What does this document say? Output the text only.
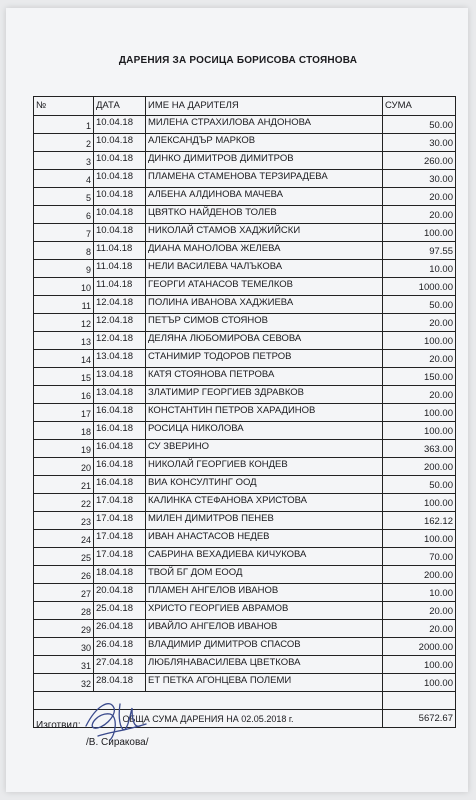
ДАРЕНИЯ ЗА РОСИЦА БОРИСОВА СТОЯНОВА
№	ДАТА	ИМЕ НА ДАРИТЕЛЯ	СУМА
1	10.04.18	МИЛЕНА СТРАХИЛОВА АНДОНОВА	50.00
2	10.04.18	АЛЕКСАНДЪР МАРКОВ	30.00
3	10.04.18	ДИНКО ДИМИТРОВ ДИМИТРОВ	260.00
4	10.04.18	ПЛАМЕНА СТАМЕНОВА ТЕРЗИРАДЕВА	30.00
5	10.04.18	АЛБЕНА АЛДИНОВА МАЧЕВА	20.00
6	10.04.18	ЦВЯТКО НАЙДЕНОВ ТОЛЕВ	20.00
7	10.04.18	НИКОЛАЙ СТАМОВ ХАДЖИЙСКИ	100.00
8	11.04.18	ДИАНА МАНОЛОВА ЖЕЛЕВА	97.55
9	11.04.18	НЕЛИ ВАСИЛЕВА ЧАЛЪКОВА	10.00
10	11.04.18	ГЕОРГИ АТАНАСОВ ТЕМЕЛКОВ	1000.00
11	12.04.18	ПОЛИНА ИВАНОВА ХАДЖИЕВА	50.00
12	12.04.18	ПЕТЪР СИМОВ СТОЯНОВ	20.00
13	12.04.18	ДЕЛЯНА ЛЮБОМИРОВА СЕВОВА	100.00
14	13.04.18	СТАНИМИР ТОДОРОВ ПЕТРОВ	20.00
15	13.04.18	КАТЯ СТОЯНОВА ПЕТРОВА	150.00
16	13.04.18	ЗЛАТИМИР ГЕОРГИЕВ ЗДРАВКОВ	20.00
17	16.04.18	КОНСТАНТИН ПЕТРОВ ХАРАДИНОВ	100.00
18	16.04.18	РОСИЦА НИКОЛОВА	100.00
19	16.04.18	СУ ЗВЕРИНО	363.00
20	16.04.18	НИКОЛАЙ ГЕОРГИЕВ КОНДЕВ	200.00
21	16.04.18	ВИА КОНСУЛТИНГ ООД	50.00
22	17.04.18	КАЛИНКА СТЕФАНОВА ХРИСТОВА	100.00
23	17.04.18	МИЛЕН ДИМИТРОВ ПЕНЕВ	162.12
24	17.04.18	ИВАН АНАСТАСОВ НЕДЕВ	100.00
25	17.04.18	САБРИНА ВЕХАДИЕВА КИЧУКОВА	70.00
26	18.04.18	ТВОЙ БГ ДОМ ЕООД	200.00
27	20.04.18	ПЛАМЕН АНГЕЛОВ ИВАНОВ	10.00
28	25.04.18	ХРИСТО ГЕОРГИЕВ АВРАМОВ	20.00
29	26.04.18	ИВАЙЛО АНГЕЛОВ ИВАНОВ	20.00
30	26.04.18	ВЛАДИМИР ДИМИТРОВ СПАСОВ	2000.00
31	27.04.18	ЛЮБЛЯНАВАСИЛЕВА ЦВЕТКОВА	100.00
32	28.04.18	ЕТ ПЕТКА АГОНЦЕВА ПОЛЕМИ	100.00

ОБЩА СУМА ДАРЕНИЯ НА 02.05.2018 г.			5672.67
Изготвил:
/В. Сиракова/
